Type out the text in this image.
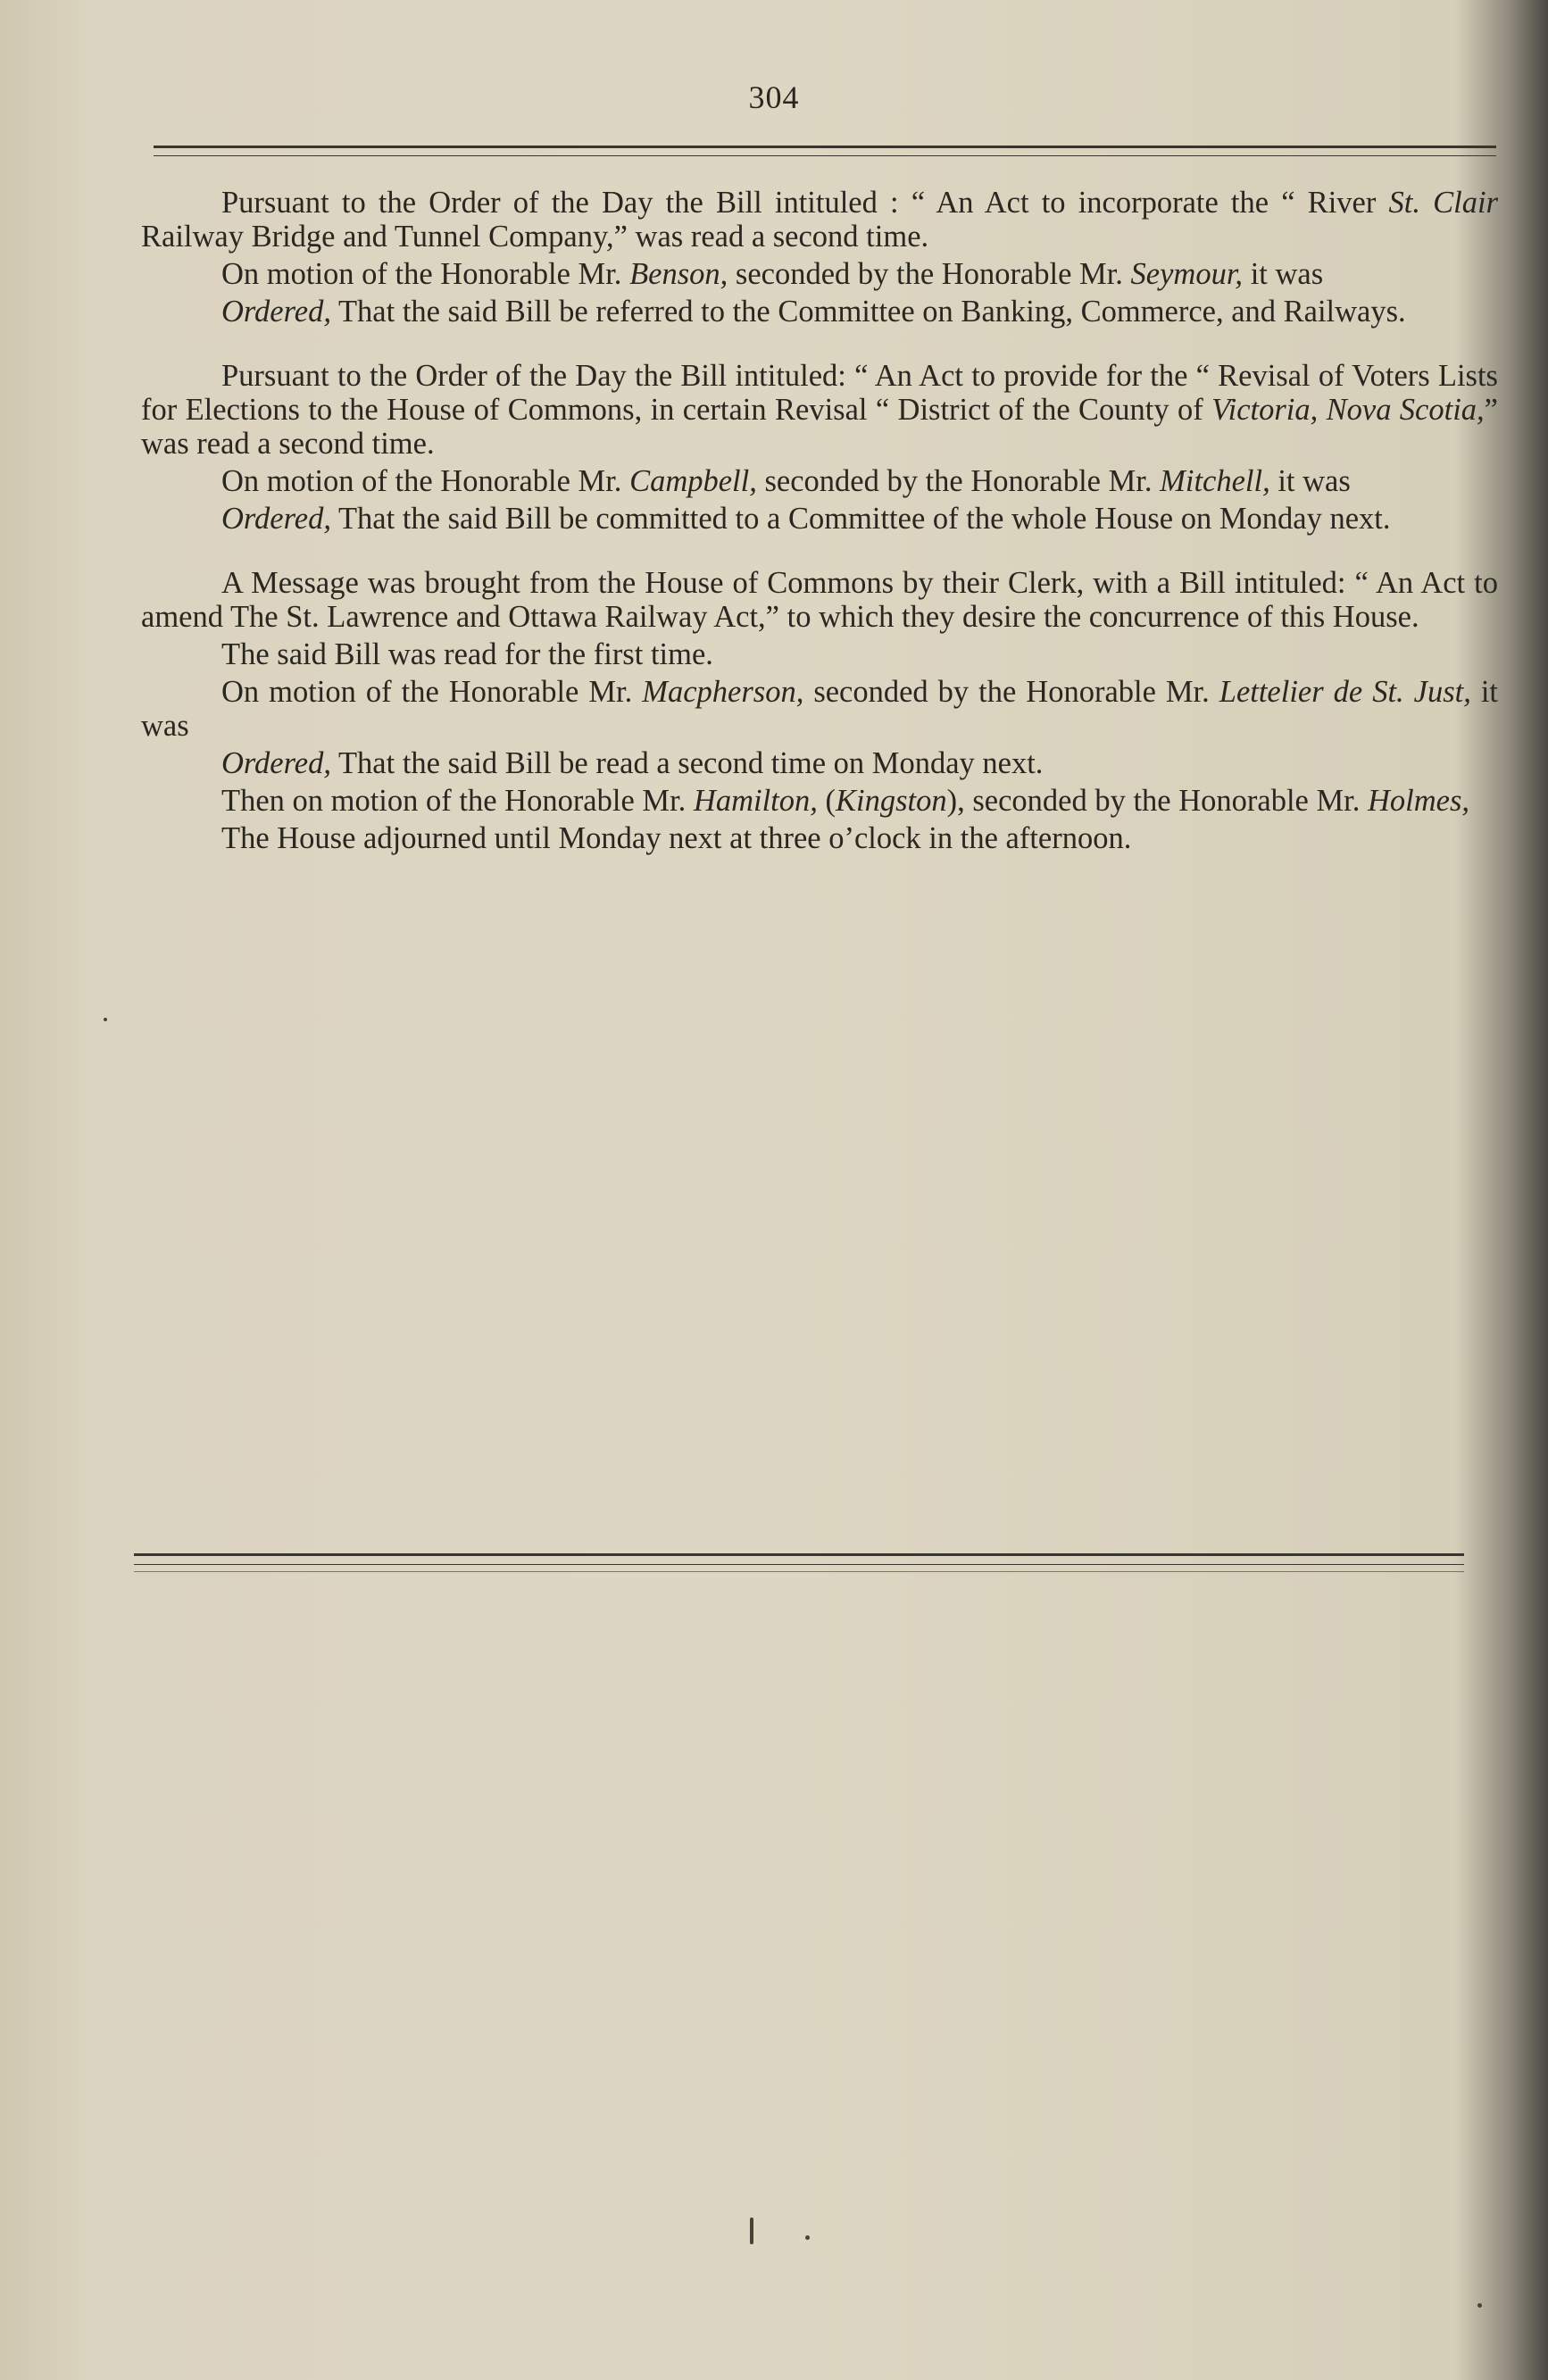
304

Pursuant to the Order of the Day the Bill intituled : “ An Act to incorporate the “ River St. Clair Railway Bridge and Tunnel Company,” was read a second time.

On motion of the Honorable Mr. Benson, seconded by the Honorable Mr. Seymour, it was

Ordered, That the said Bill be referred to the Committee on Banking, Commerce, and Railways.

Pursuant to the Order of the Day the Bill intituled: “ An Act to provide for the “ Revisal of Voters Lists for Elections to the House of Commons, in certain Revisal “ District of the County of Victoria, Nova Scotia,” was read a second time.

On motion of the Honorable Mr. Campbell, seconded by the Honorable Mr. Mitchell, it was

Ordered, That the said Bill be committed to a Committee of the whole House on Monday next.

A Message was brought from the House of Commons by their Clerk, with a Bill intituled: “ An Act to amend The St. Lawrence and Ottawa Railway Act,” to which they desire the concurrence of this House.

The said Bill was read for the first time.

On motion of the Honorable Mr. Macpherson, seconded by the Honorable Mr. Lettelier de St. Just, it was

Ordered, That the said Bill be read a second time on Monday next.

Then on motion of the Honorable Mr. Hamilton, (Kingston), seconded by the Honorable Mr. Holmes,

The House adjourned until Monday next at three o’clock in the afternoon.
